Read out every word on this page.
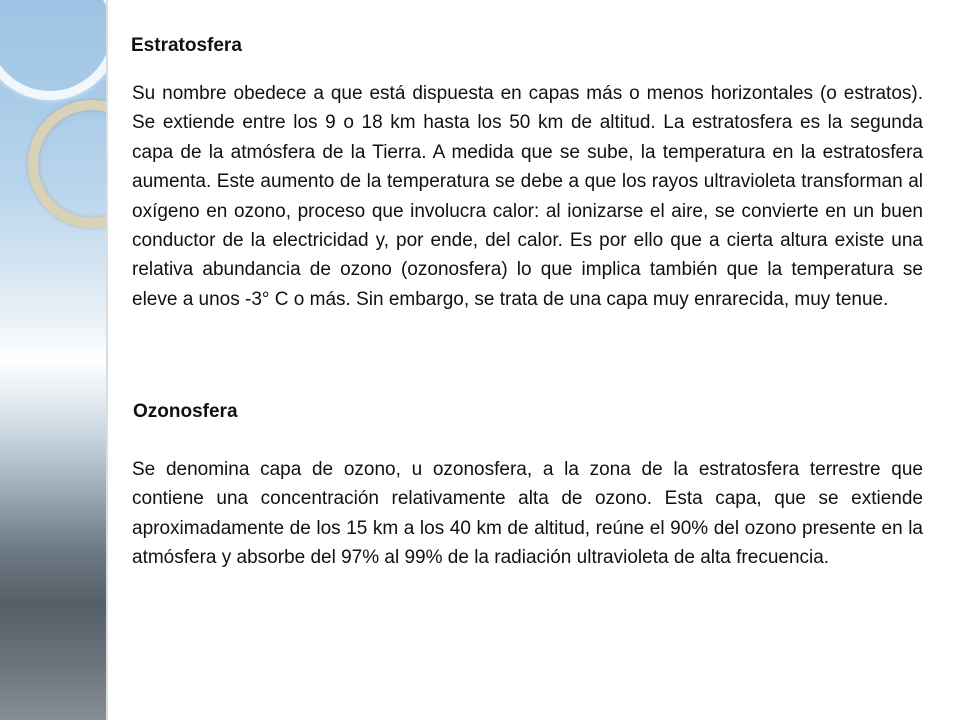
Estratosfera

Su nombre obedece a que está dispuesta en capas más o menos horizontales (o estratos). Se extiende entre los 9 o 18 km hasta los 50 km de altitud. La estratosfera es la segunda capa de la atmósfera de la Tierra. A medida que se sube, la temperatura en la estratosfera aumenta. Este aumento de la temperatura se debe a que los rayos ultravioleta transforman al oxígeno en ozono, proceso que involucra calor: al ionizarse el aire, se convierte en un buen conductor de la electricidad y, por ende, del calor. Es por ello que a cierta altura existe una relativa abundancia de ozono (ozonosfera) lo que implica también que la temperatura se eleve a unos -3° C o más. Sin embargo, se trata de una capa muy enrarecida, muy tenue.

Ozonosfera

Se denomina capa de ozono, u ozonosfera, a la zona de la estratosfera terrestre que contiene una concentración relativamente alta de ozono. Esta capa, que se extiende aproximadamente de los 15 km a los 40 km de altitud, reúne el 90% del ozono presente en la atmósfera y absorbe del 97% al 99% de la radiación ultravioleta de alta frecuencia.
